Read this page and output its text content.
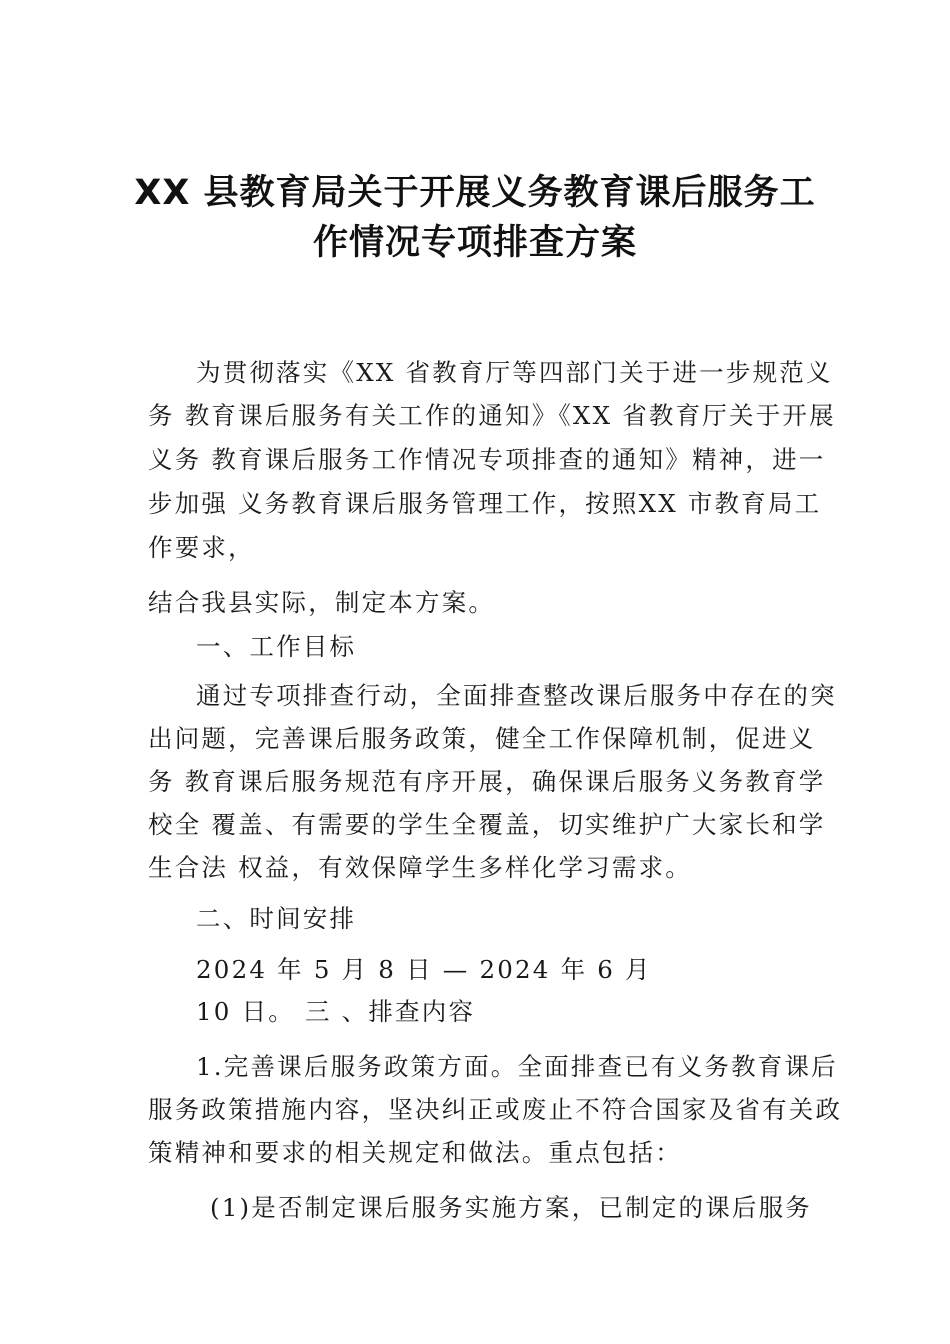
XX 县教育局关于开展义务教育课后服务工
作情况专项排查方案
为贯彻落实《XX 省教育厅等四部门关于进一步规范义
务 教育课后服务有关工作的通知》《XX 省教育厅关于开展
义务 教育课后服务工作情况专项排查的通知》精神，进一
步加强 义务教育课后服务管理工作，按照XX 市教育局工
作要求，
结合我县实际，制定本方案。
一、工作目标
通过专项排查行动，全面排查整改课后服务中存在的突
出问题，完善课后服务政策，健全工作保障机制，促进义
务 教育课后服务规范有序开展，确保课后服务义务教育学
校全 覆盖、有需要的学生全覆盖，切实维护广大家长和学
生合法 权益，有效保障学生多样化学习需求。
二、时间安排
2024 年 5 月 8 日 — 2024 年 6 月
10 日。 三 、排查内容
1.完善课后服务政策方面。全面排查已有义务教育课后
服务政策措施内容，坚决纠正或废止不符合国家及省有关政
策精神和要求的相关规定和做法。重点包括：
(1)是否制定课后服务实施方案，已制定的课后服务
